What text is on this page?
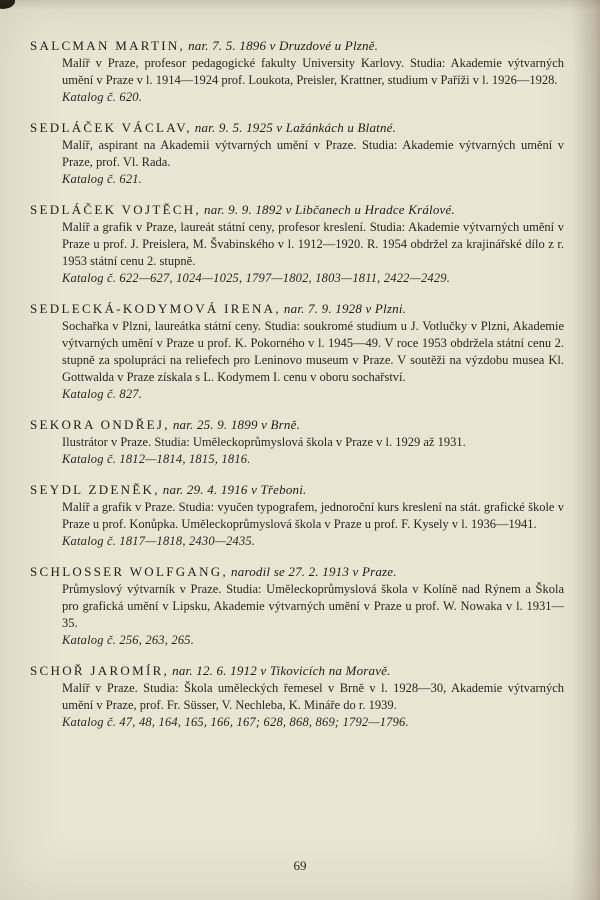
SALCMAN MARTIN, nar. 7. 5. 1896 v Druzdové u Plzně.

Malíř v Praze, profesor pedagogické fakulty University Karlovy. Studia: Akademie výtvarných umění v Praze v l. 1914—1924 prof. Loukota, Preisler, Krattner, studium v Paříži v l. 1926—1928.

Katalog č. 620.

SEDLÁČEK VÁCLAV, nar. 9. 5. 1925 v Lažánkách u Blatné.

Malíř, aspirant na Akademii výtvarných umění v Praze. Studia: Akademie výtvarných umění v Praze, prof. Vl. Rada.

Katalog č. 621.

SEDLÁČEK VOJTĚCH, nar. 9. 9. 1892 v Libčanech u Hradce Králové.

Malíř a grafik v Praze, laureát státní ceny, profesor kreslení. Studia: Akademie výtvarných umění v Praze u prof. J. Preislera, M. Švabinského v l. 1912—1920. R. 1954 obdržel za krajinářské dílo z r. 1953 státní cenu 2. stupně.

Katalog č. 622—627, 1024—1025, 1797—1802, 1803—1811, 2422—2429.

SEDLECKÁ-KODYMOVÁ IRENA, nar. 7. 9. 1928 v Plzni.

Sochařka v Plzni, laureátka státní ceny. Studia: soukromé studium u J. Votlučky v Plzni, Akademie výtvarných umění v Praze u prof. K. Pokorného v l. 1945—49. V roce 1953 obdržela státní cenu 2. stupně za spolupráci na reliefech pro Leninovo museum v Praze. V soutěži na výzdobu musea Kl. Gottwalda v Praze získala s L. Kodymem I. cenu v oboru sochařství.

Katalog č. 827.

SEKORA ONDŘEJ, nar. 25. 9. 1899 v Brně.

Ilustrátor v Praze. Studia: Uměleckoprůmyslová škola v Praze v l. 1929 až 1931.

Katalog č. 1812—1814, 1815, 1816.

SEYDL ZDENĚK, nar. 29. 4. 1916 v Třeboni.

Malíř a grafik v Praze. Studia: vyučen typografem, jednoroční kurs kreslení na stát. grafické škole v Praze u prof. Konůpka. Uměleckoprůmyslová škola v Praze u prof. F. Kysely v l. 1936—1941.

Katalog č. 1817—1818, 2430—2435.

SCHLOSSER WOLFGANG, narodil se 27. 2. 1913 v Praze.

Průmyslový výtvarník v Praze. Studia: Uměleckoprůmyslová škola v Kolíně nad Rýnem a Škola pro grafická umění v Lipsku, Akademie výtvarných umění v Praze u prof. W. Nowaka v l. 1931—35.

Katalog č. 256, 263, 265.

SCHOŘ JAROMÍR, nar. 12. 6. 1912 v Tikovicích na Moravě.

Malíř v Praze. Studia: Škola uměleckých řemesel v Brně v l. 1928—30, Akademie výtvarných umění v Praze, prof. Fr. Süsser, V. Nechleba, K. Mináře do r. 1939.

Katalog č. 47, 48, 164, 165, 166, 167; 628, 868, 869; 1792—1796.

69
